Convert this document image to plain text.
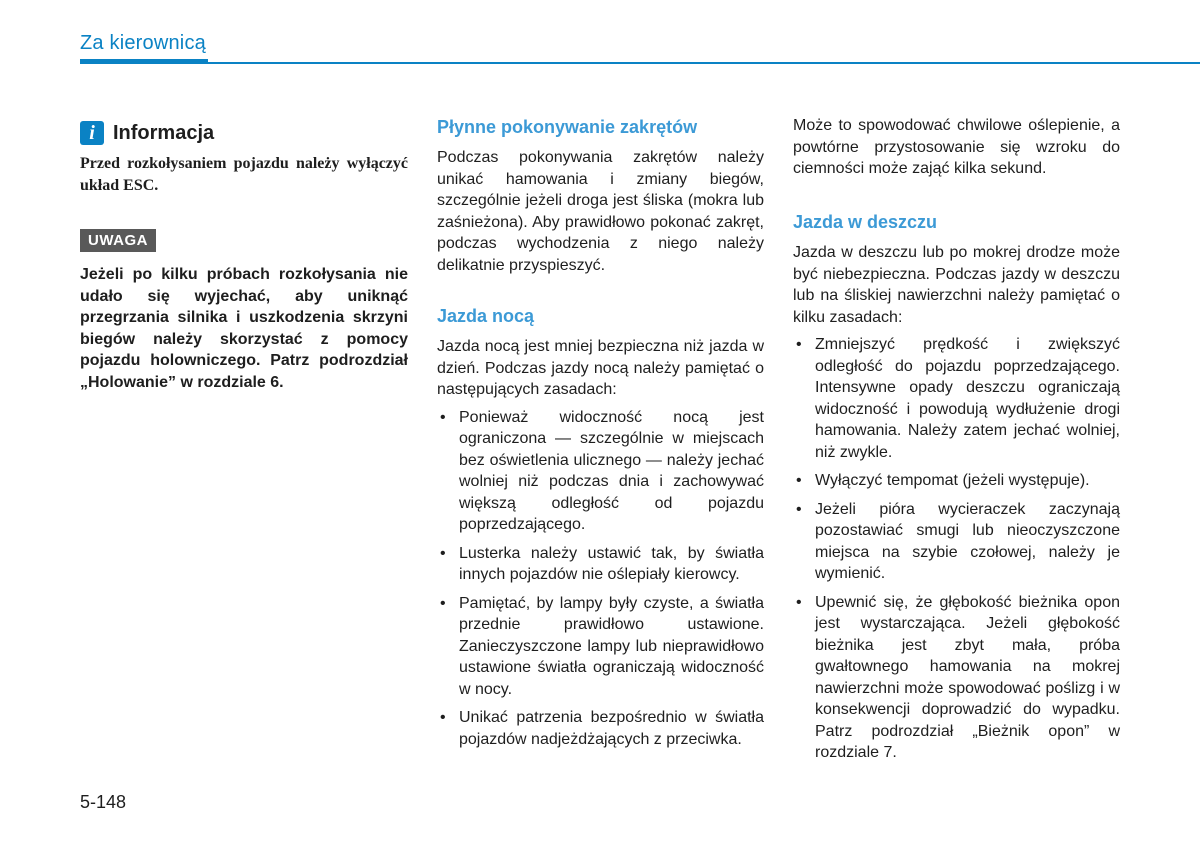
Za kierownicą
i Informacja
Przed rozkołysaniem pojazdu należy wyłączyć układ ESC.
UWAGA
Jeżeli po kilku próbach rozkołysania nie udało się wyjechać, aby uniknąć przegrzania silnika i uszkodzenia skrzyni biegów należy skorzystać z pomocy pojazdu holowniczego. Patrz podrozdział „Holowanie” w rozdziale 6.
Płynne pokonywanie zakrętów
Podczas pokonywania zakrętów należy unikać hamowania i zmiany biegów, szczególnie jeżeli droga jest śliska (mokra lub zaśnieżona). Aby prawidłowo pokonać zakręt, podczas wychodzenia z niego należy delikatnie przyspieszyć.
Jazda nocą
Jazda nocą jest mniej bezpieczna niż jazda w dzień. Podczas jazdy nocą należy pamiętać o następujących zasadach:
• Ponieważ widoczność nocą jest ograniczona — szczególnie w miejscach bez oświetlenia ulicznego — należy jechać wolniej niż podczas dnia i zachowywać większą odległość od pojazdu poprzedzającego.
• Lusterka należy ustawić tak, by światła innych pojazdów nie oślepiały kierowcy.
• Pamiętać, by lampy były czyste, a światła przednie prawidłowo ustawione. Zanieczyszczone lampy lub nieprawidłowo ustawione światła ograniczają widoczność w nocy.
• Unikać patrzenia bezpośrednio w światła pojazdów nadjeżdżających z przeciwka.
Jazda w deszczu
Jazda w deszczu lub po mokrej drodze może być niebezpieczna. Podczas jazdy w deszczu lub na śliskiej nawierzchni należy pamiętać o kilku zasadach:
• Zmniejszyć prędkość i zwiększyć odległość do pojazdu poprzedzającego. Intensywne opady deszczu ograniczają widoczność i powodują wydłużenie drogi hamowania. Należy zatem jechać wolniej, niż zwykle.
• Wyłączyć tempomat (jeżeli występuje).
• Jeżeli pióra wycieraczek zaczynają pozostawiać smugi lub nieoczyszczone miejsca na szybie czołowej, należy je wymienić.
• Upewnić się, że głębokość bieżnika opon jest wystarczająca. Jeżeli głębokość bieżnika jest zbyt mała, próba gwałtownego hamowania na mokrej nawierzchni może spowodować poślizg i w konsekwencji doprowadzić do wypadku. Patrz podrozdział „Bieżnik opon” w rozdziale 7.
5-148
Może to spowodować chwilowe oślepienie, a powtórne przystosowanie się wzroku do ciemności może zająć kilka sekund.
